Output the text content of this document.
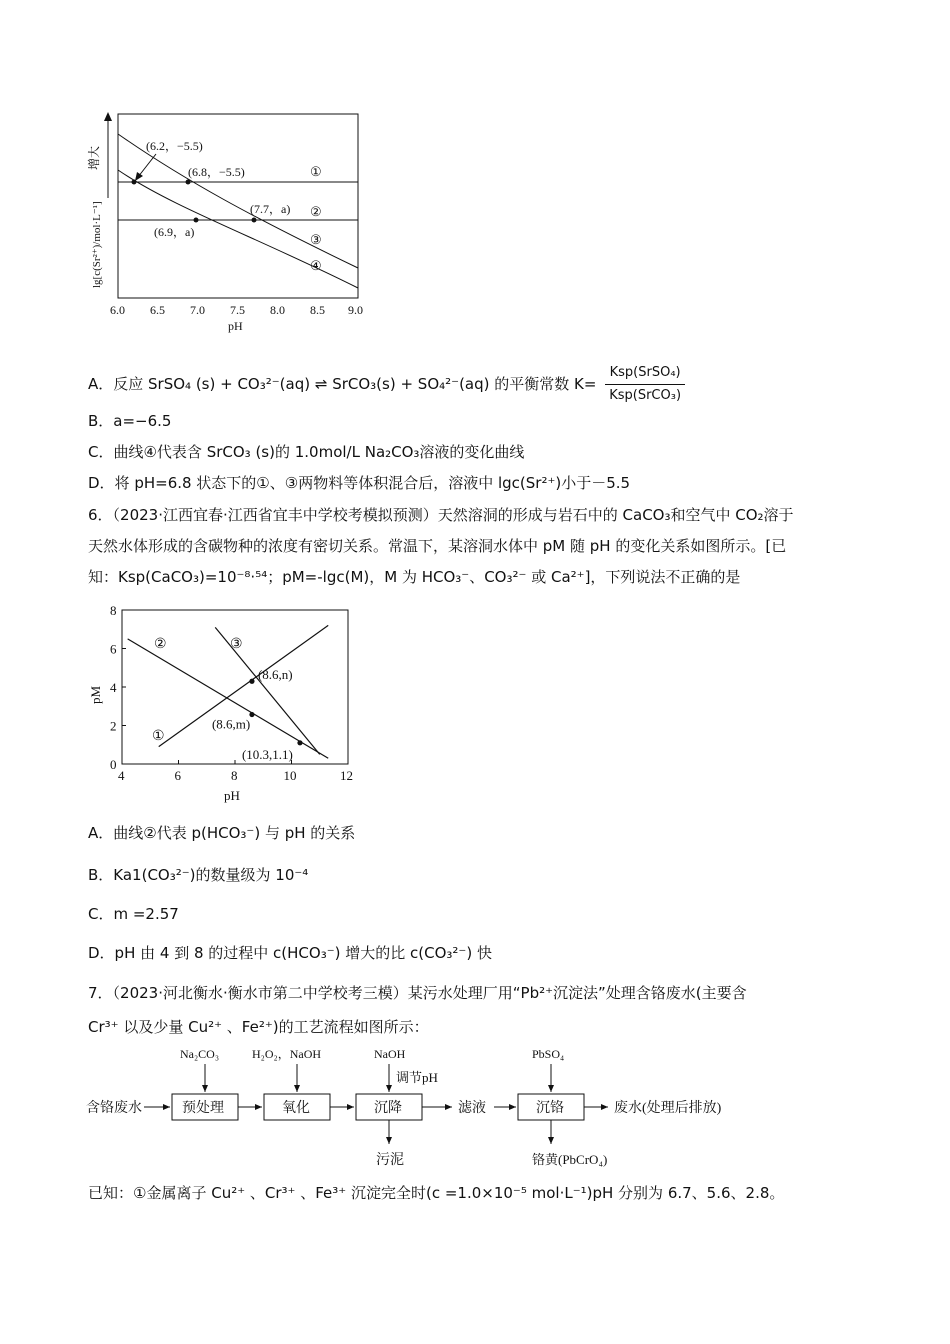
增大
lg[c(Sr²⁺)/mol·L⁻¹]
(6.2，−5.5)
(6.8，−5.5)
(7.7，a)
(6.9，a)
①
②
③
④
6.0 6.5 7.0 7.5 8.0 8.5 9.0
pH
A．反应 SrSO₄ (s) + CO₃²⁻(aq) ⇌ SrCO₃(s) + SO₄²⁻(aq) 的平衡常数 $K= \frac{\text{Ksp(SrSO₄)}}{\text{Ksp(SrCO₃)}}$
B．a=−6.5
C．曲线④代表含 SrCO₃ (s)的 1.0mol/L Na₂CO₃溶液的变化曲线
D．将 pH=6.8 状态下的①、③两物料等体积混合后，溶液中 lgc(Sr²⁺)小于－5.5
6．（2023·江西宜春·江西省宜丰中学校考模拟预测）天然溶洞的形成与岩石中的 CaCO₃和空气中 CO₂溶于
天然水体形成的含碳物种的浓度有密切关系。常温下，某溶洞水体中 pM 随 pH 的变化关系如图所示。[已
知：Ksp(CaCO₃)=10⁻⁸·⁵⁴；pM=-lgc(M)，M 为 HCO₃⁻、CO₃²⁻ 或 Ca²⁺]，下列说法不正确的是
4	6	8	10	12
0
2
4
6
8
(8.6,n)
(8.6,m)
(10.3,1.1)
②	③
①
pM
pH
A．曲线②代表 p(HCO₃⁻) 与 pH 的关系
B．Ka1(CO₃²⁻)的数量级为 10⁻⁴
C．m =2.57
D．pH 由 4 到 8 的过程中 c(HCO₃⁻) 增大的比 c(CO₃²⁻) 快
7．（2023·河北衡水·衡水市第二中学校考三模）某污水处理厂用“Pb²⁺沉淀法”处理含铬废水(主要含
Cr³⁺ 以及少量 Cu²⁺ 、Fe²⁺)的工艺流程如图所示：
含铬废水	预处理	氧化	沉降	滤液	沉铬	废水(处理后排放)
Na₂CO₃	H₂O₂，NaOH	NaOH
调节pH
PbSO₄
污泥	铬黄(PbCrO₄)
已知：①金属离子 Cu²⁺ 、Cr³⁺ 、Fe³⁺ 沉淀完全时(c =1.0×10⁻⁵ mol·L⁻¹)pH 分别为 6.7、5.6、2.8。
